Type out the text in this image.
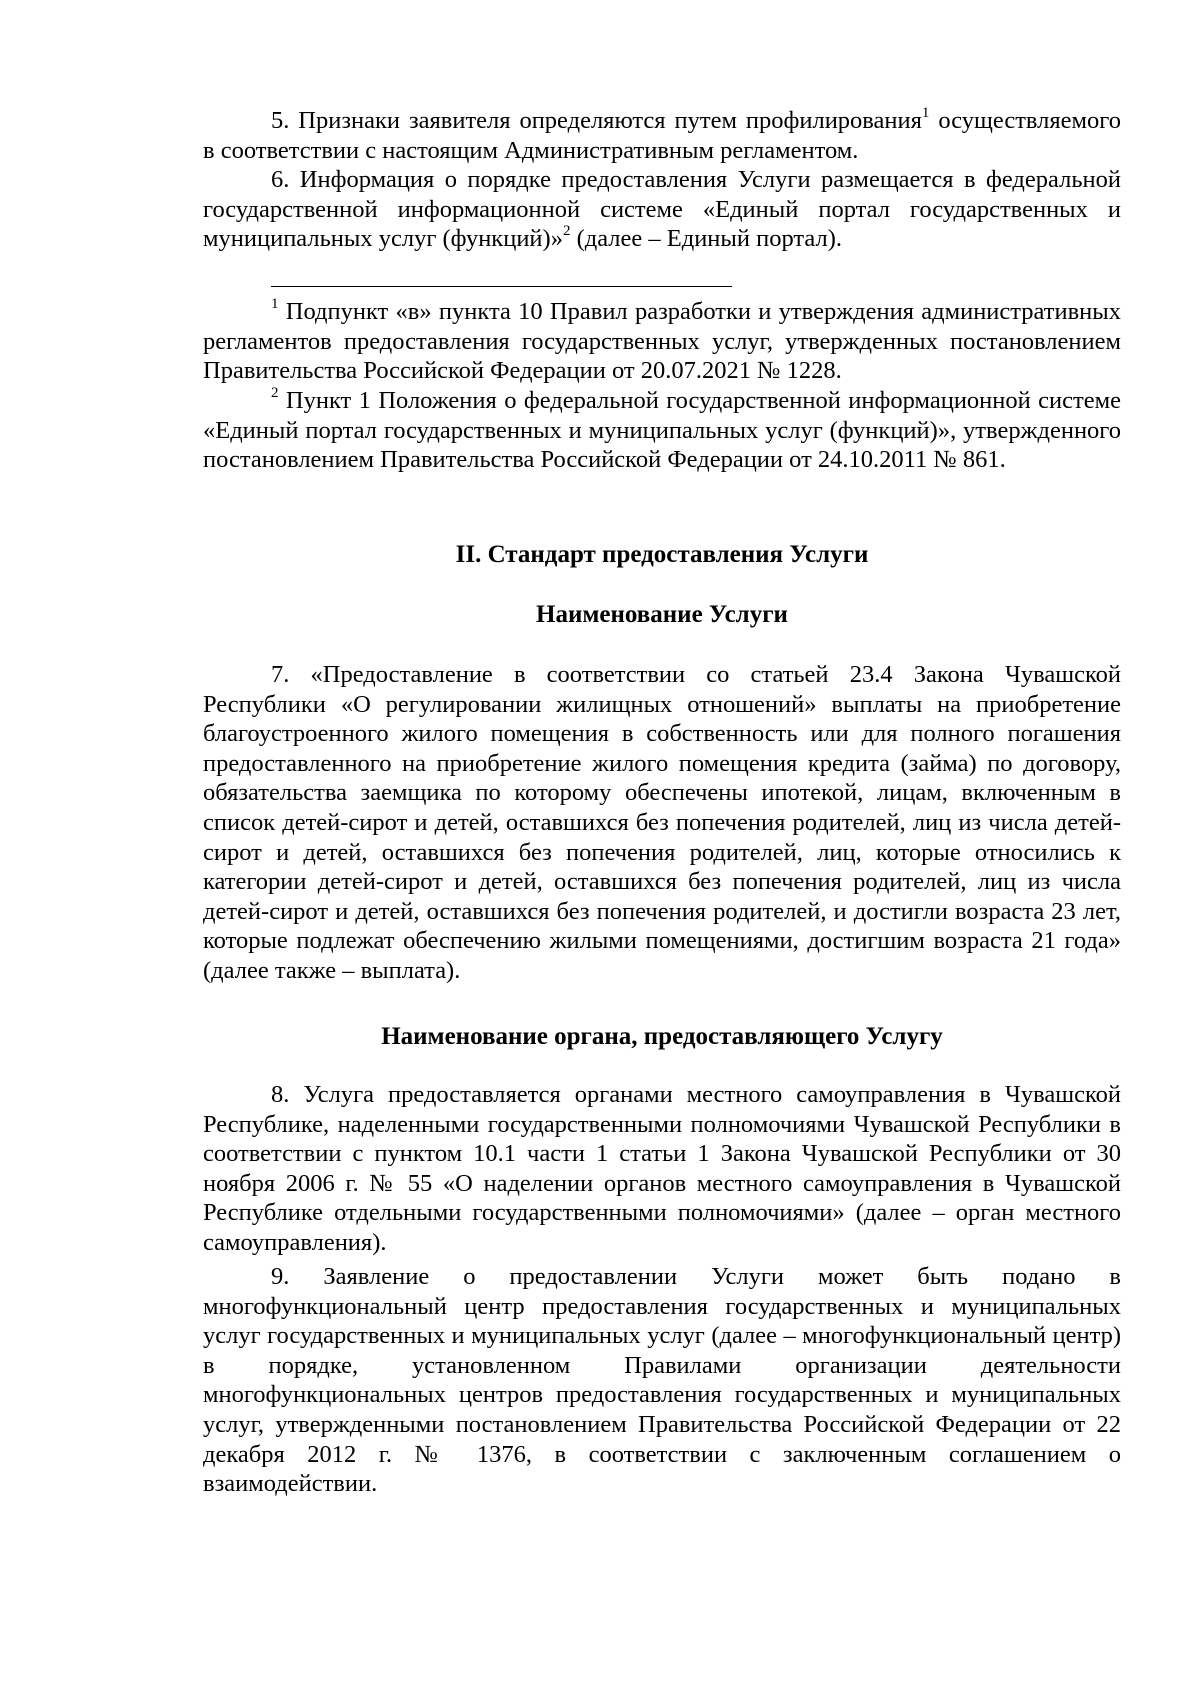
5. Признаки заявителя определяются путем профилирования$^1$ осуществляемого в соответствии с настоящим Административным регламентом.

6. Информация о порядке предоставления Услуги размещается в федеральной государственной информационной системе «Единый портал государственных и муниципальных услуг (функций)»$^2$ (далее – Единый портал).

$^1$ Подпункт «в» пункта 10 Правил разработки и утверждения административных регламентов предоставления государственных услуг, утвержденных постановлением Правительства Российской Федерации от 20.07.2021 № 1228.

$^2$ Пункт 1 Положения о федеральной государственной информационной системе «Единый портал государственных и муниципальных услуг (функций)», утвержденного постановлением Правительства Российской Федерации от 24.10.2011 № 861.

II. Стандарт предоставления Услуги
Наименование Услуги

7. «Предоставление в соответствии со статьей 23.4 Закона Чувашской Республики «О регулировании жилищных отношений» выплаты на приобретение благоустроенного жилого помещения в собственность или для полного погашения предоставленного на приобретение жилого помещения кредита (займа) по договору, обязательства заемщика по которому обеспечены ипотекой, лицам, включенным в список детей-сирот и детей, оставшихся без попечения родителей, лиц из числа детей-сирот и детей, оставшихся без попечения родителей, лиц, которые относились к категории детей-сирот и детей, оставшихся без попечения родителей, лиц из числа детей-сирот и детей, оставшихся без попечения родителей, и достигли возраста 23 лет, которые подлежат обеспечению жилыми помещениями, достигшим возраста 21 года» (далее также – выплата).

Наименование органа, предоставляющего Услугу

8. Услуга предоставляется органами местного самоуправления в Чувашской Республике, наделенными государственными полномочиями Чувашской Республики в соответствии с пунктом 10.1 части 1 статьи 1 Закона Чувашской Республики от 30 ноября 2006 г. № 55 «О наделении органов местного самоуправления в Чувашской Республике отдельными государственными полномочиями» (далее – орган местного самоуправления).

9. Заявление о предоставлении Услуги может быть подано в многофункциональный центр предоставления государственных и муниципальных услуг государственных и муниципальных услуг (далее – многофункциональный центр) в порядке, установленном Правилами организации деятельности многофункциональных центров предоставления государственных и муниципальных услуг, утвержденными постановлением Правительства Российской Федерации от 22 декабря 2012 г. № 1376, в соответствии с заключенным соглашением о взаимодействии.
